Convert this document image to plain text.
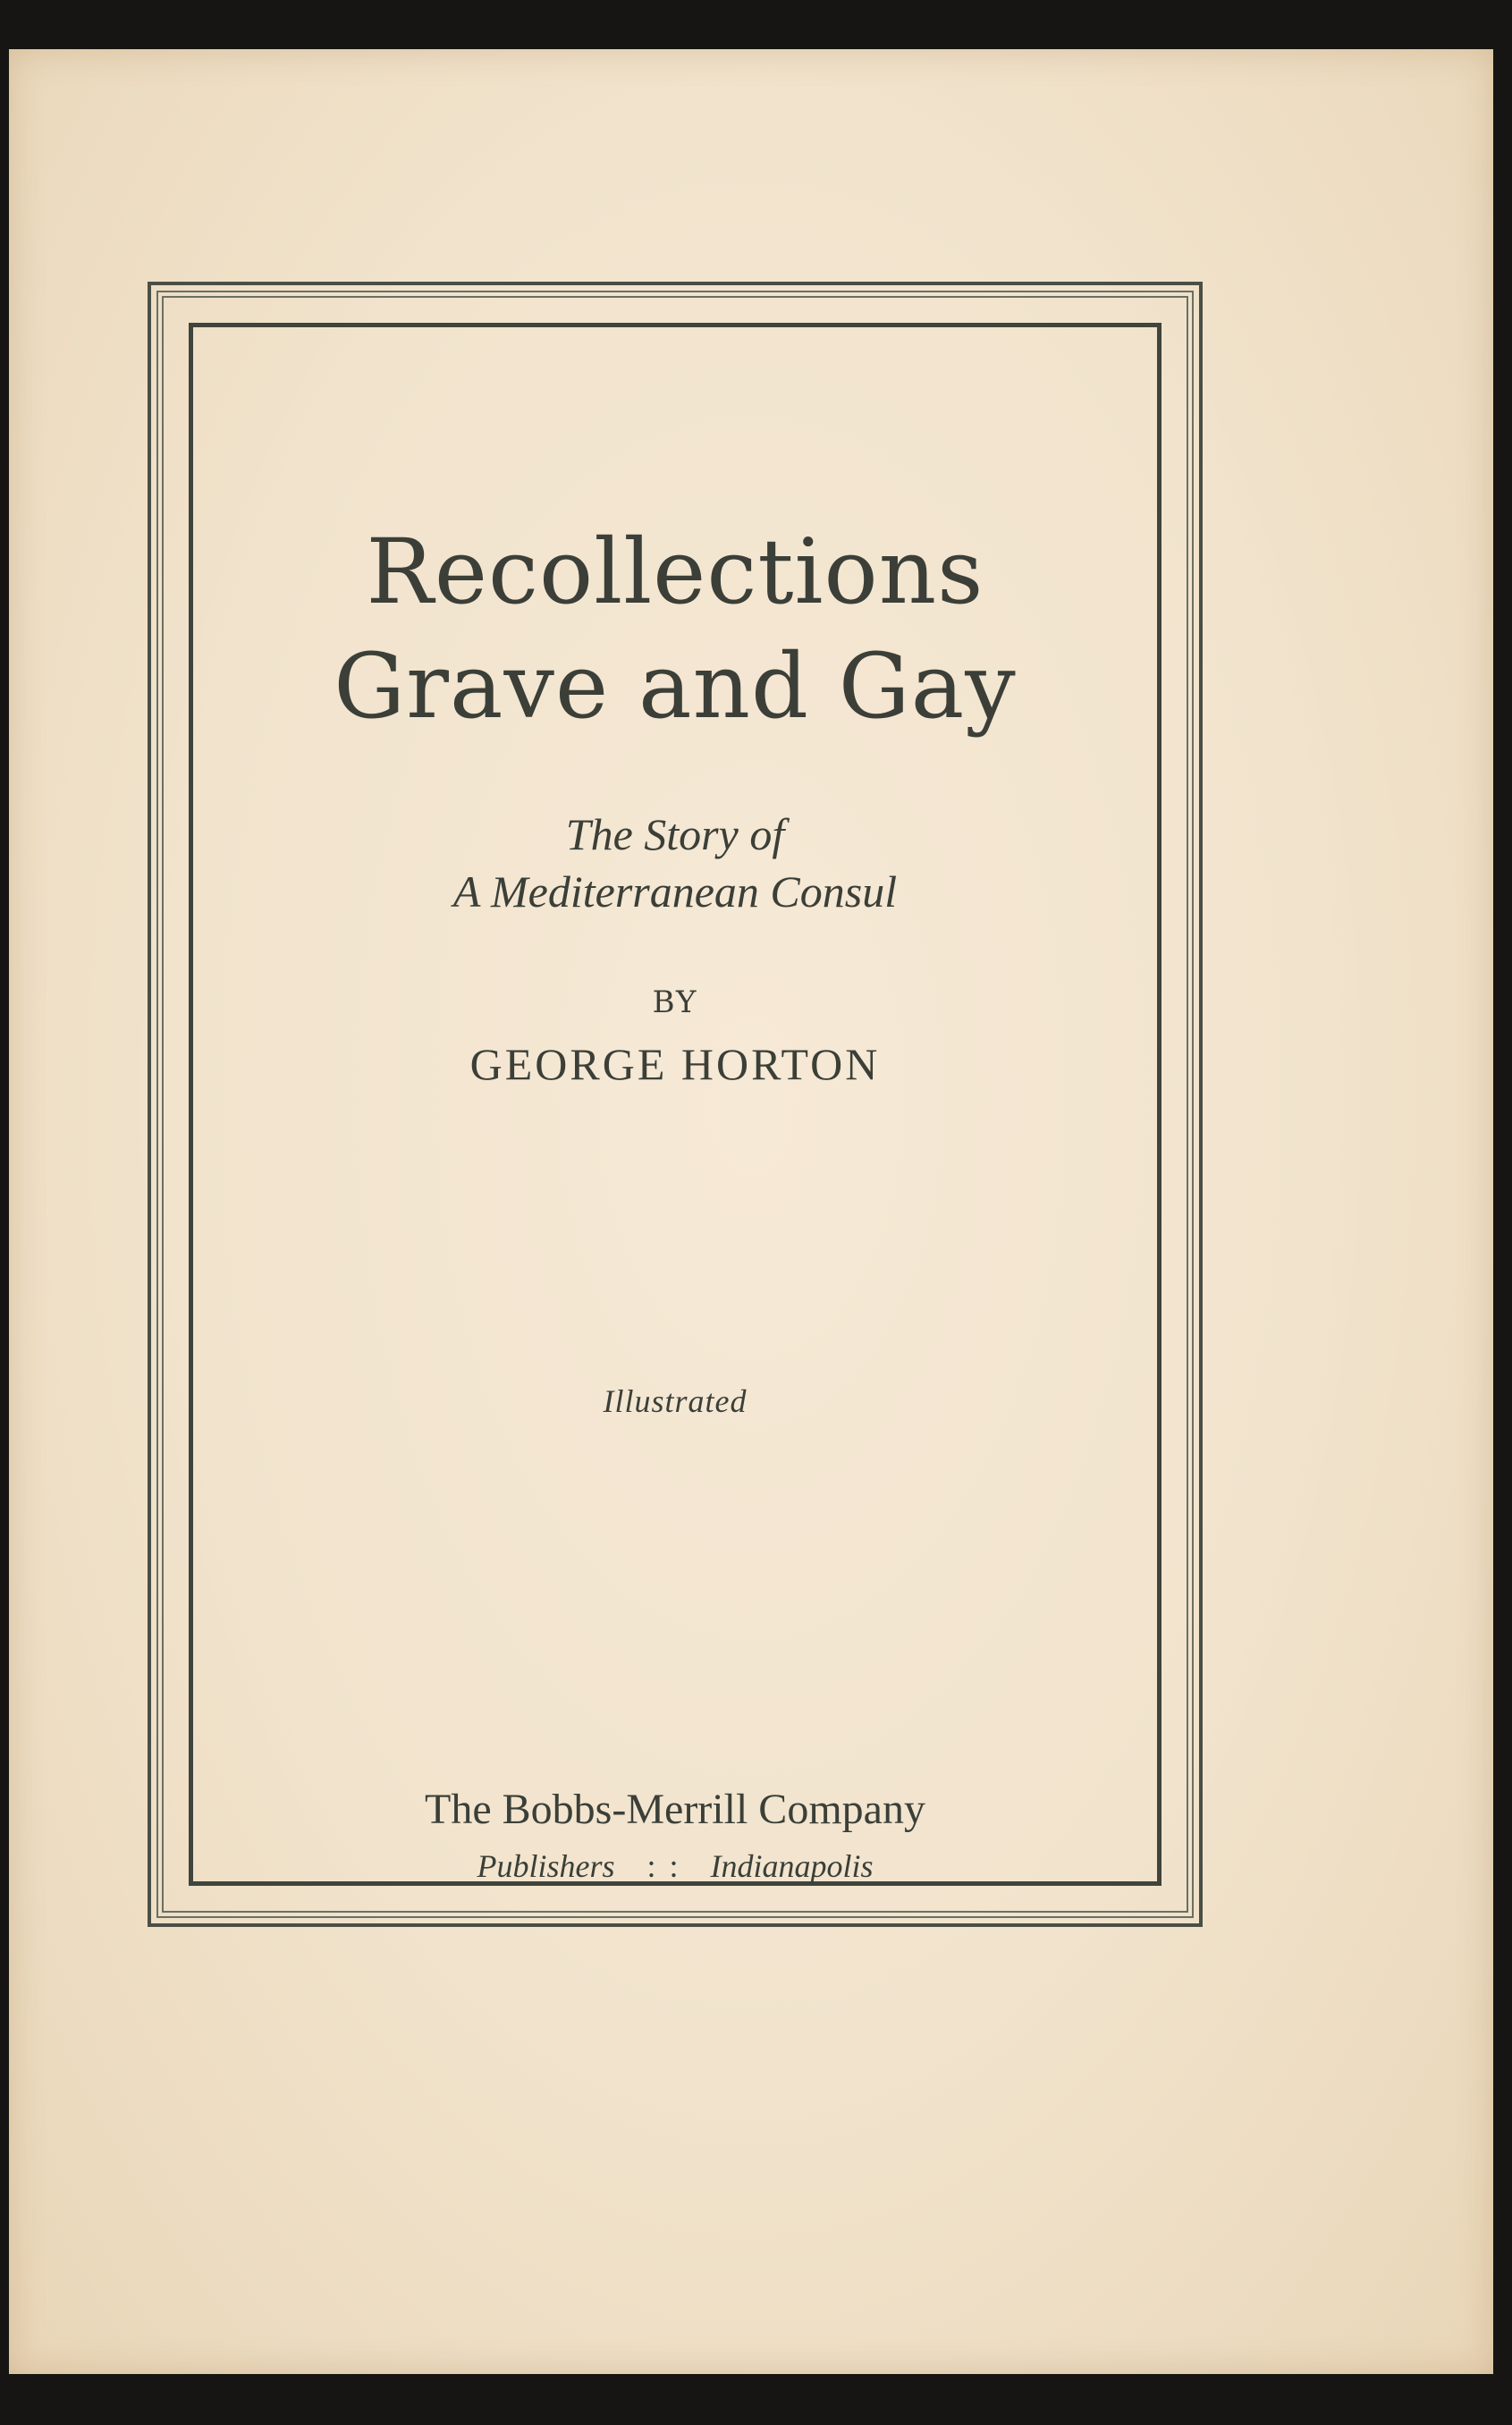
Recollections
Grave and Gay
The Story of
A Mediterranean Consul
BY
GEORGE HORTON
Illustrated
The Bobbs-Merrill Company
Publishers : : Indianapolis
